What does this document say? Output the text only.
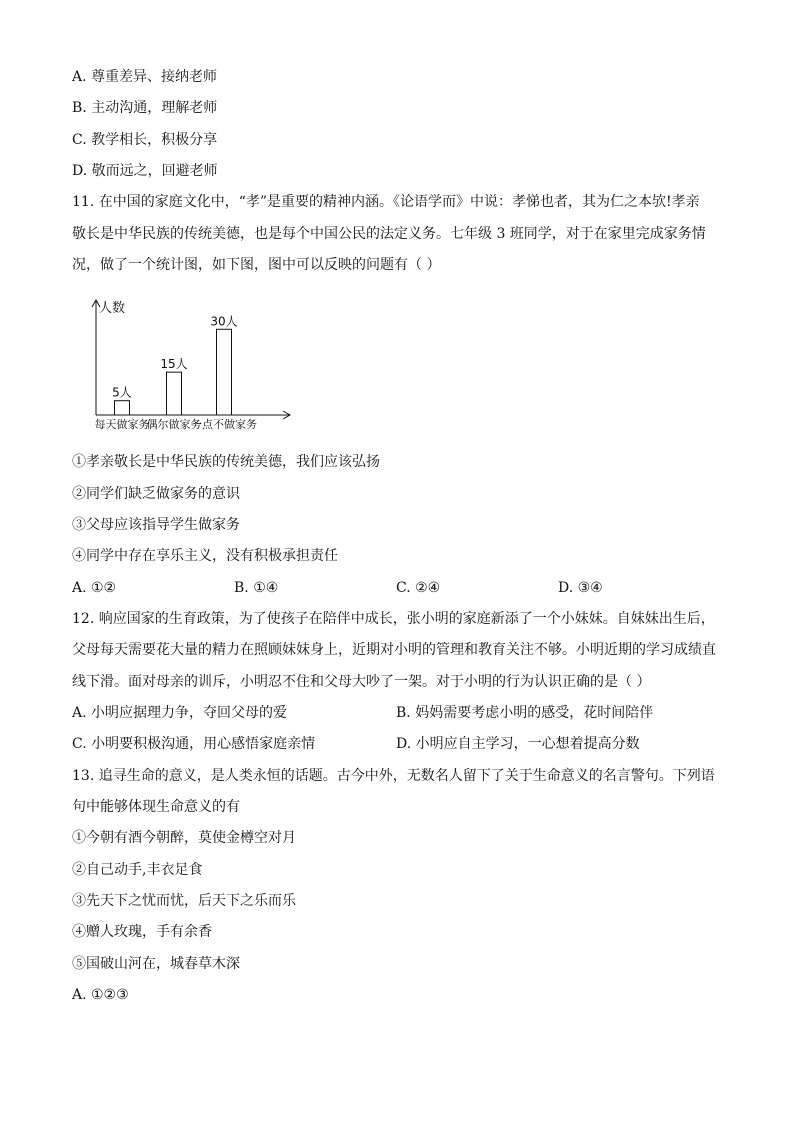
A. 尊重差异、接纳老师
B. 主动沟通，理解老师
C. 教学相长，积极分享
D. 敬而远之，回避老师
11. 在中国的家庭文化中，“孝”是重要的精神内涵。《论语学而》中说：孝悌也者，其为仁之本欤!孝亲
敬长是中华民族的传统美德，也是每个中国公民的法定义务。七年级 3 班同学，对于在家里完成家务情
况，做了一个统计图，如下图，图中可以反映的问题有（ ）
人数
5人
每天做家务
15人
偶尔做家务
30人
一点不做家务
①孝亲敬长是中华民族的传统美德，我们应该弘扬
②同学们缺乏做家务的意识
③父母应该指导学生做家务
④同学中存在享乐主义，没有积极承担责任
A. ①②	B. ①④	C. ②④	D. ③④
12. 响应国家的生育政策，为了使孩子在陪伴中成长，张小明的家庭新添了一个小妹妹。自妹妹出生后，
父母每天需要花大量的精力在照顾妹妹身上，近期对小明的管理和教育关注不够。小明近期的学习成绩直
线下滑。面对母亲的训斥，小明忍不住和父母大吵了一架。对于小明的行为认识正确的是（ ）
A. 小明应据理力争，夺回父母的爱	B. 妈妈需要考虑小明的感受，花时间陪伴
C. 小明要积极沟通，用心感悟家庭亲情	D. 小明应自主学习，一心想着提高分数
13. 追寻生命的意义，是人类永恒的话题。古今中外，无数名人留下了关于生命意义的名言警句。下列语
句中能够体现生命意义的有
①今朝有酒今朝醉，莫使金樽空对月
②自己动手,丰衣足食
③先天下之忧而忧，后天下之乐而乐
④赠人玫瑰，手有余香
⑤国破山河在，城春草木深
A. ①②③
